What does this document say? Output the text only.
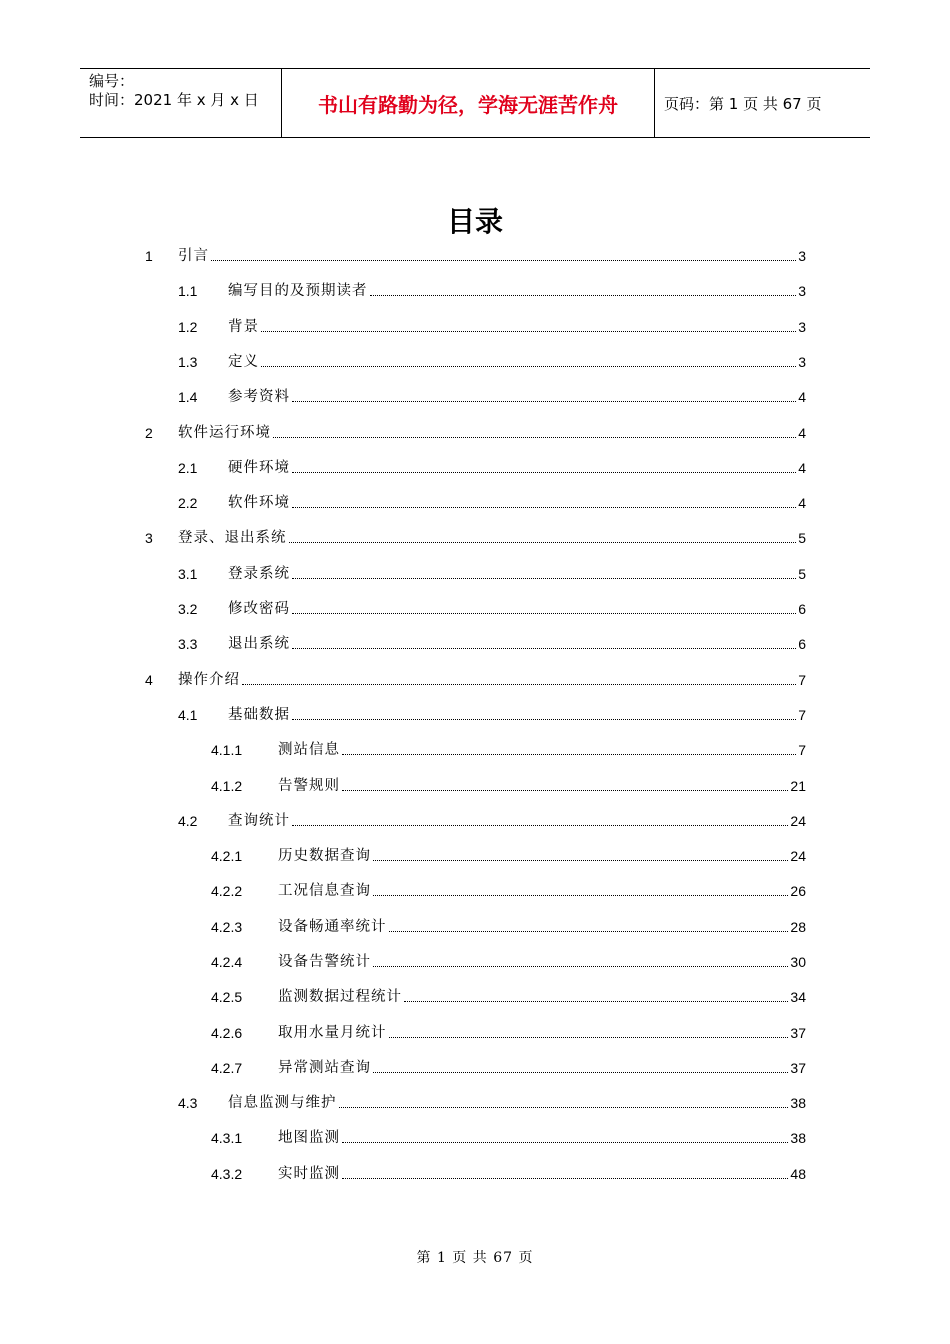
编号：
时间：2021 年 x 月 x 日	书山有路勤为径，学海无涯苦作舟	页码：第 1 页 共 67 页
目录
1 引言	3
1.1 编写目的及预期读者	3
1.2 背景	3
1.3 定义	3
1.4 参考资料	4
2 软件运行环境	4
2.1 硬件环境	4
2.2 软件环境	4
3 登录、退出系统	5
3.1 登录系统	5
3.2 修改密码	6
3.3 退出系统	6
4 操作介绍	7
4.1 基础数据	7
4.1.1 测站信息	7
4.1.2 告警规则	21
4.2 查询统计	24
4.2.1 历史数据查询	24
4.2.2 工况信息查询	26
4.2.3 设备畅通率统计	28
4.2.4 设备告警统计	30
4.2.5 监测数据过程统计	34
4.2.6 取用水量月统计	37
4.2.7 异常测站查询	37
4.3 信息监测与维护	38
4.3.1 地图监测	38
4.3.2 实时监测	48
第 1 页 共 67 页
